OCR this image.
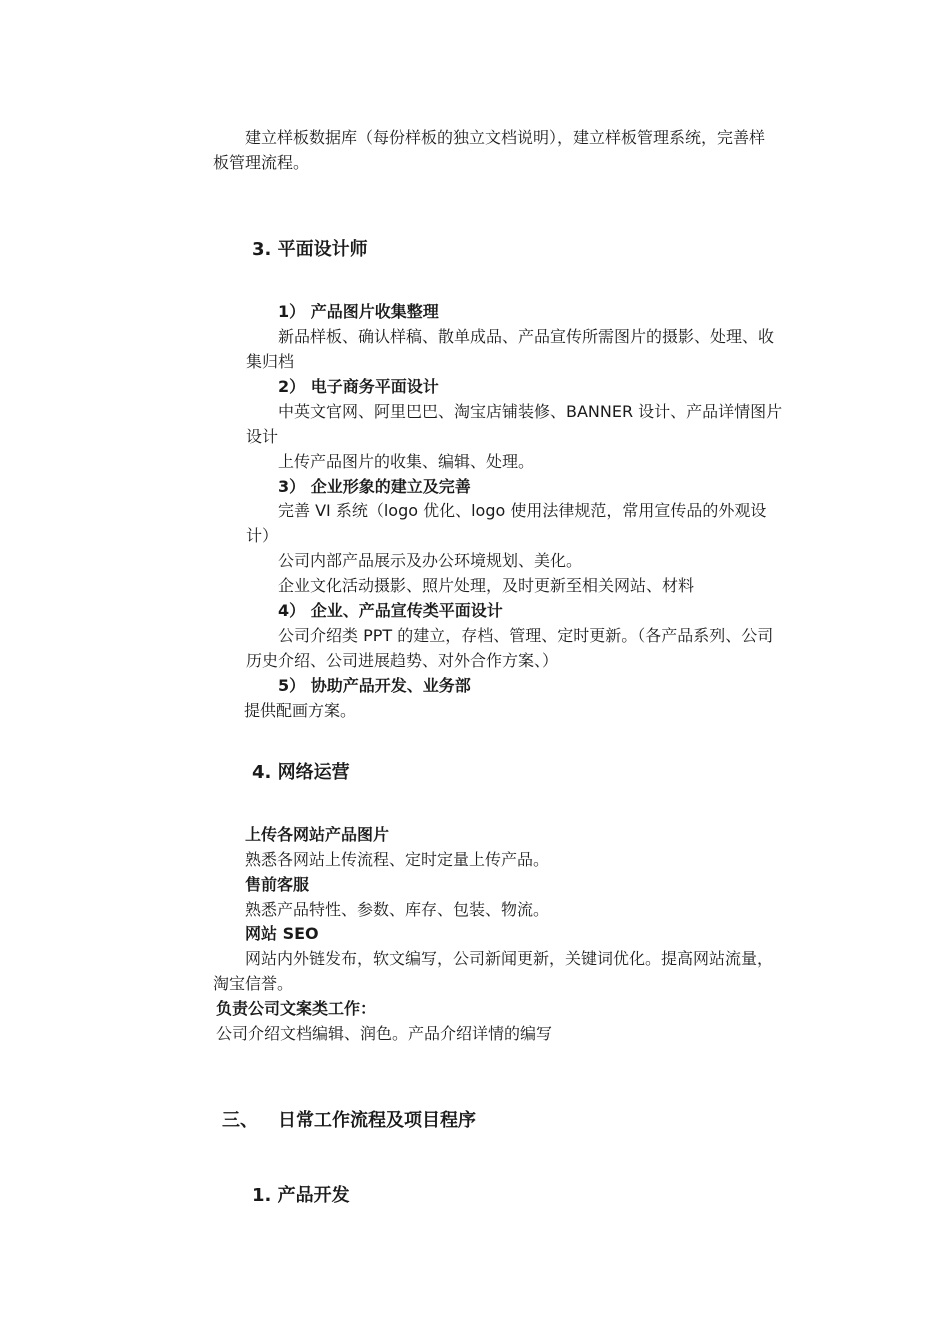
建立样板数据库（每份样板的独立文档说明），建立样板管理系统，完善样
板管理流程。
3. 平面设计师
1） 产品图片收集整理
新品样板、确认样稿、散单成品、产品宣传所需图片的摄影、处理、收
集归档
2） 电子商务平面设计
中英文官网、阿里巴巴、淘宝店铺装修、BANNER 设计、产品详情图片
设计
上传产品图片的收集、编辑、处理。
3） 企业形象的建立及完善
完善 VI 系统（logo 优化、logo 使用法律规范，常用宣传品的外观设
计）
公司内部产品展示及办公环境规划、美化。
企业文化活动摄影、照片处理，及时更新至相关网站、材料
4） 企业、产品宣传类平面设计
公司介绍类 PPT 的建立，存档、管理、定时更新。（各产品系列、公司
历史介绍、公司进展趋势、对外合作方案、）
5） 协助产品开发、业务部
提供配画方案。
4. 网络运营
上传各网站产品图片
熟悉各网站上传流程、定时定量上传产品。
售前客服
熟悉产品特性、参数、库存、包装、物流。
网站 SEO
网站内外链发布，软文编写，公司新闻更新，关键词优化。提高网站流量，
淘宝信誉。
负责公司文案类工作：
公司介绍文档编辑、润色。产品介绍详情的编写
三、 日常工作流程及项目程序
1. 产品开发
